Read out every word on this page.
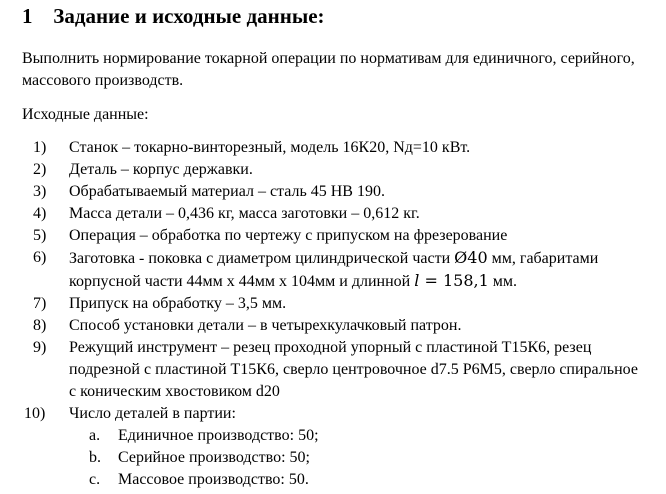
1 Задание и исходные данные:
Выполнить нормирование токарной операции по нормативам для единичного, серийного, массового производств.
Исходные данные:
1)	Станок – токарно-винторезный, модель 16К20, Nд=10 кВт.
2)	Деталь – корпус державки.
3)	Обрабатываемый материал – сталь 45 НВ 190.
4)	Масса детали – 0,436 кг, масса заготовки – 0,612 кг.
5)	Операция – обработка по чертежу с припуском на фрезерование
6)	Заготовка - поковка с диаметром цилиндрической части Ø40 мм, габаритами корпусной части 44мм х 44мм х 104мм и длинной l = 158,1 мм.
7)	Припуск на обработку – 3,5 мм.
8)	Способ установки детали – в четырехкулачковый патрон.
9)	Режущий инструмент – резец проходной упорный с пластиной Т15К6, резец подрезной с пластиной Т15К6, сверло центровочное d7.5 Р6М5, сверло спиральное с коническим хвостовиком d20
10)	Число деталей в партии:
a. Единичное производство: 50;
b. Серийное производство: 50;
c. Массовое производство: 50.
